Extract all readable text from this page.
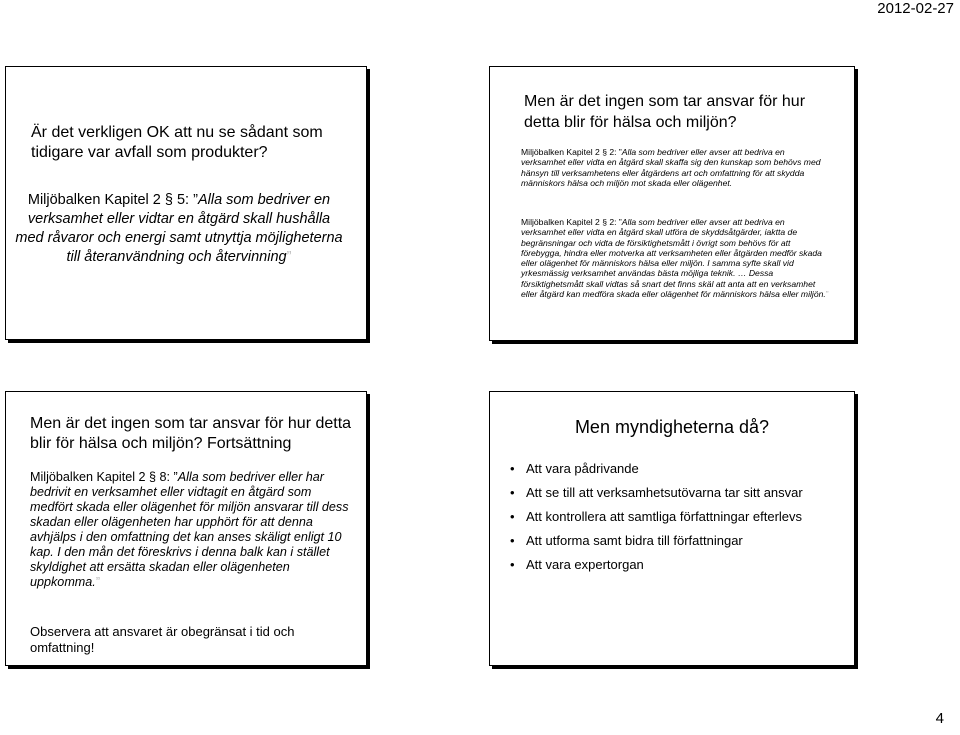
2012-02-27
Är det verkligen OK att nu se sådant som tidigare var avfall som produkter?
Miljöbalken Kapitel 2 § 5: ”Alla som bedriver en verksamhet eller vidtar en åtgärd skall hushålla med råvaror och energi samt utnyttja möjligheterna till återanvändning och återvinning”
Men är det ingen som tar ansvar för hur detta blir för hälsa och miljön?
Miljöbalken Kapitel 2 § 2: ”Alla som bedriver eller avser att bedriva en verksamhet eller vidta en åtgärd skall skaffa sig den kunskap som behövs med hänsyn till verksamhetens eller åtgärdens art och omfattning för att skydda människors hälsa och miljön mot skada eller olägenhet.
Miljöbalken Kapitel 2 § 2: ”Alla som bedriver eller avser att bedriva en verksamhet eller vidta en åtgärd skall utföra de skyddsåtgärder, iaktta de begränsningar och vidta de försiktighetsmått i övrigt som behövs för att förebygga, hindra eller motverka att verksamheten eller åtgärden medför skada eller olägenhet för människors hälsa eller miljön. I samma syfte skall vid yrkesmässig verksamhet användas bästa möjliga teknik. … Dessa försiktighetsmått skall vidtas så snart det finns skäl att anta att en verksamhet eller åtgärd kan medföra skada eller olägenhet för människors hälsa eller miljön.”
Men är det ingen som tar ansvar för hur detta blir för hälsa och miljön? Fortsättning
Miljöbalken Kapitel 2 § 8: ”Alla som bedriver eller har bedrivit en verksamhet eller vidtagit en åtgärd som medfört skada eller olägenhet för miljön ansvarar till dess skadan eller olägenheten har upphört för att denna avhjälps i den omfattning det kan anses skäligt enligt 10 kap. I den mån det föreskrivs i denna balk kan i stället skyldighet att ersätta skadan eller olägenheten uppkomma.”
Observera att ansvaret är obegränsat i tid och omfattning!
Men myndigheterna då?
• Att vara pådrivande
• Att se till att verksamhetsutövarna tar sitt ansvar
• Att kontrollera att samtliga författningar efterlevs
• Att utforma samt bidra till författningar
• Att vara expertorgan
4
